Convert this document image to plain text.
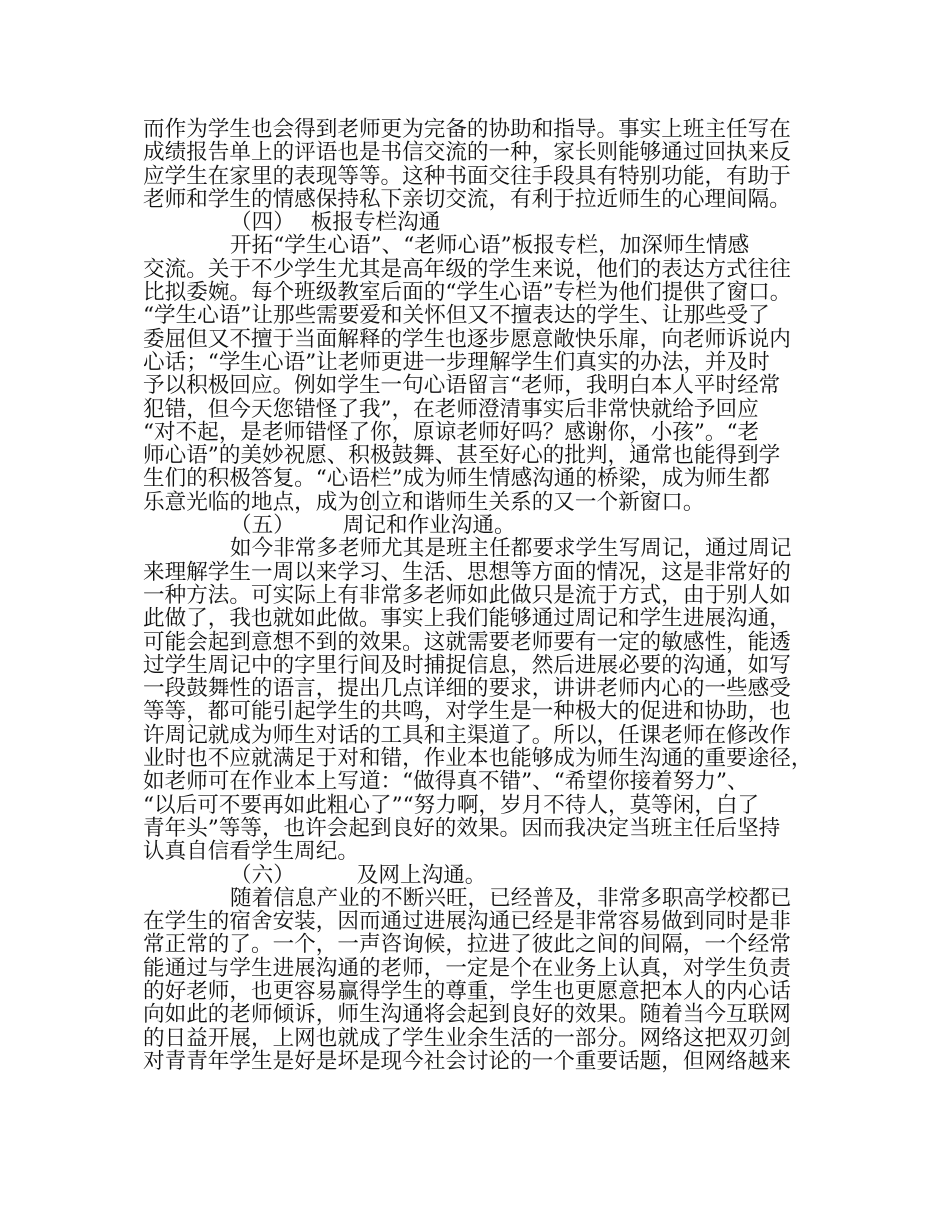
而作为学生也会得到老师更为完备的协助和指导。事实上班主任写在
成绩报告单上的评语也是书信交流的一种，家长则能够通过回执来反
应学生在家里的表现等等。这种书面交往手段具有特别功能，有助于
老师和学生的情感保持私下亲切交流，有利于拉近师生的心理间隔。
（四） 板报专栏沟通
开拓“学生心语”、“老师心语”板报专栏，加深师生情感
交流。关于不少学生尤其是高年级的学生来说，他们的表达方式往往
比拟委婉。每个班级教室后面的“学生心语”专栏为他们提供了窗口。
“学生心语”让那些需要爱和关怀但又不擅表达的学生、让那些受了
委屈但又不擅于当面解释的学生也逐步愿意敞快乐扉，向老师诉说内
心话；“学生心语”让老师更进一步理解学生们真实的办法，并及时
予以积极回应。例如学生一句心语留言“老师，我明白本人平时经常
犯错，但今天您错怪了我”，在老师澄清事实后非常快就给予回应
“对不起，是老师错怪了你，原谅老师好吗？感谢你，小孩”。“老
师心语”的美妙祝愿、积极鼓舞、甚至好心的批判，通常也能得到学
生们的积极答复。“心语栏”成为师生情感沟通的桥梁，成为师生都
乐意光临的地点，成为创立和谐师生关系的又一个新窗口。
（五） 周记和作业沟通。
如今非常多老师尤其是班主任都要求学生写周记，通过周记
来理解学生一周以来学习、生活、思想等方面的情况，这是非常好的
一种方法。可实际上有非常多老师如此做只是流于方式，由于别人如
此做了，我也就如此做。事实上我们能够通过周记和学生进展沟通，
可能会起到意想不到的效果。这就需要老师要有一定的敏感性，能透
过学生周记中的字里行间及时捕捉信息，然后进展必要的沟通，如写
一段鼓舞性的语言，提出几点详细的要求，讲讲老师内心的一些感受
等等，都可能引起学生的共鸣，对学生是一种极大的促进和协助，也
许周记就成为师生对话的工具和主渠道了。所以，任课老师在修改作
业时也不应就满足于对和错，作业本也能够成为师生沟通的重要途径，
如老师可在作业本上写道：“做得真不错”、“希望你接着努力”、
“以后可不要再如此粗心了”“努力啊，岁月不待人，莫等闲，白了
青年头”等等，也许会起到良好的效果。因而我决定当班主任后坚持
认真自信看学生周纪。
（六）	及网上沟通。
随着信息产业的不断兴旺，已经普及，非常多职高学校都已
在学生的宿舍安装，因而通过进展沟通已经是非常容易做到同时是非
常正常的了。一个，一声咨询候，拉进了彼此之间的间隔，一个经常
能通过与学生进展沟通的老师，一定是个在业务上认真，对学生负责
的好老师，也更容易赢得学生的尊重，学生也更愿意把本人的内心话
向如此的老师倾诉，师生沟通将会起到良好的效果。随着当今互联网
的日益开展，上网也就成了学生业余生活的一部分。网络这把双刃剑
对青青年学生是好是坏是现今社会讨论的一个重要话题，但网络越来
